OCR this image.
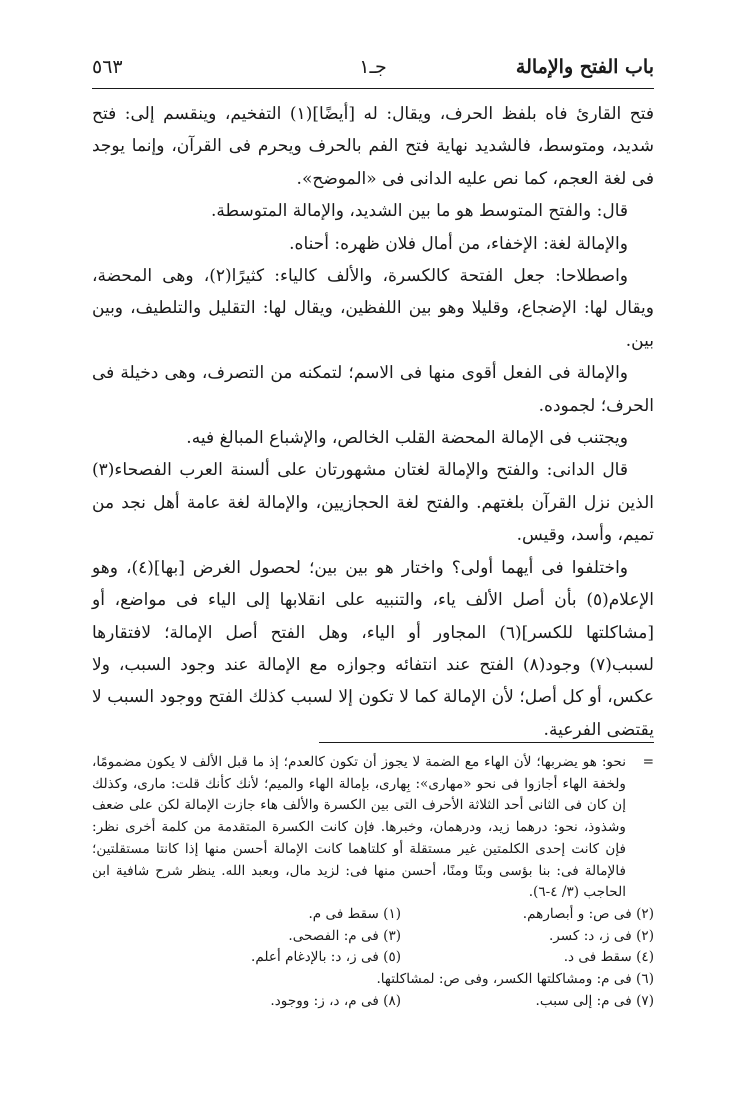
باب الفتح والإمالة
جـ١
٥٦٣

فتح القارئ فاه بلفظ الحرف، ويقال: له [أيضًا](١) التفخيم، وينقسم إلى: فتح شديد، ومتوسط، فالشديد نهاية فتح الفم بالحرف ويحرم فى القرآن، وإنما يوجد فى لغة العجم، كما نص عليه الدانى فى «الموضح».

قال: والفتح المتوسط هو ما بين الشديد، والإمالة المتوسطة.

والإمالة لغة: الإخفاء، من أمال فلان ظهره: أحناه.

واصطلاحا: جعل الفتحة كالكسرة، والألف كالياء: كثيرًا(٢)، وهى المحضة، ويقال لها: الإضجاع، وقليلا وهو بين اللفظين، ويقال لها: التقليل والتلطيف، وبين بين.

والإمالة فى الفعل أقوى منها فى الاسم؛ لتمكنه من التصرف، وهى دخيلة فى الحرف؛ لجموده.

ويجتنب فى الإمالة المحضة القلب الخالص، والإشباع المبالغ فيه.

قال الدانى: والفتح والإمالة لغتان مشهورتان على ألسنة العرب الفصحاء(٣) الذين نزل القرآن بلغتهم. والفتح لغة الحجازيين، والإمالة لغة عامة أهل نجد من تميم، وأسد، وقيس.

واختلفوا فى أيهما أولى؟ واختار هو بين بين؛ لحصول الغرض [بها](٤)، وهو الإعلام(٥) بأن أصل الألف ياء، والتنبيه على انقلابها إلى الياء فى مواضع، أو [مشاكلتها للكسر](٦) المجاور أو الياء، وهل الفتح أصل الإمالة؛ لافتقارها لسبب(٧) وجود(٨) الفتح عند انتفائه وجوازه مع الإمالة عند وجود السبب، ولا عكس، أو كل أصل؛ لأن الإمالة كما لا تكون إلا لسبب كذلك الفتح ووجود السبب لا يقتضى الفرعية.

=
نحو: هو يضربها؛ لأن الهاء مع الضمة لا يجوز أن تكون كالعدم؛ إذ ما قبل الألف لا يكون مضمومًا، ولخفة الهاء أجازوا فى نحو «مهارى»: بِهارى، بإمالة الهاء والميم؛ لأنك كأنك قلت: مارى، وكذلك إن كان فى الثانى أحد الثلاثة الأحرف التى بين الكسرة والألف هاء جازت الإمالة لكن على ضعف وشذوذ، نحو: درهما زيد، ودرهمان، وخبرها. فإن كانت الكسرة المتقدمة من كلمة أخرى نظر: فإن كانت إحدى الكلمتين غير مستقلة أو كلتاهما كانت الإمالة أحسن منها إذا كانتا مستقلتين؛ فالإمالة فى: بنا بؤسى وبنًا ومنًا، أحسن منها فى: لزيد مال، وبعبد الله. ينظر شرح شافية ابن الحاجب (٣/ ٤-٦).

(٢) فى ص: و أبصارهم.
(١) سقط فى م.
(٢) فى ز، د: كسر.
(٣) فى م: الفصحى.
(٤) سقط فى د.
(٥) فى ز، د: بالإدغام أعلم.
(٦) فى م: ومشاكلتها الكسر، وفى ص: لمشاكلتها.
(٧) فى م: إلى سبب.
(٨) فى م، د، ز: ووجود.
